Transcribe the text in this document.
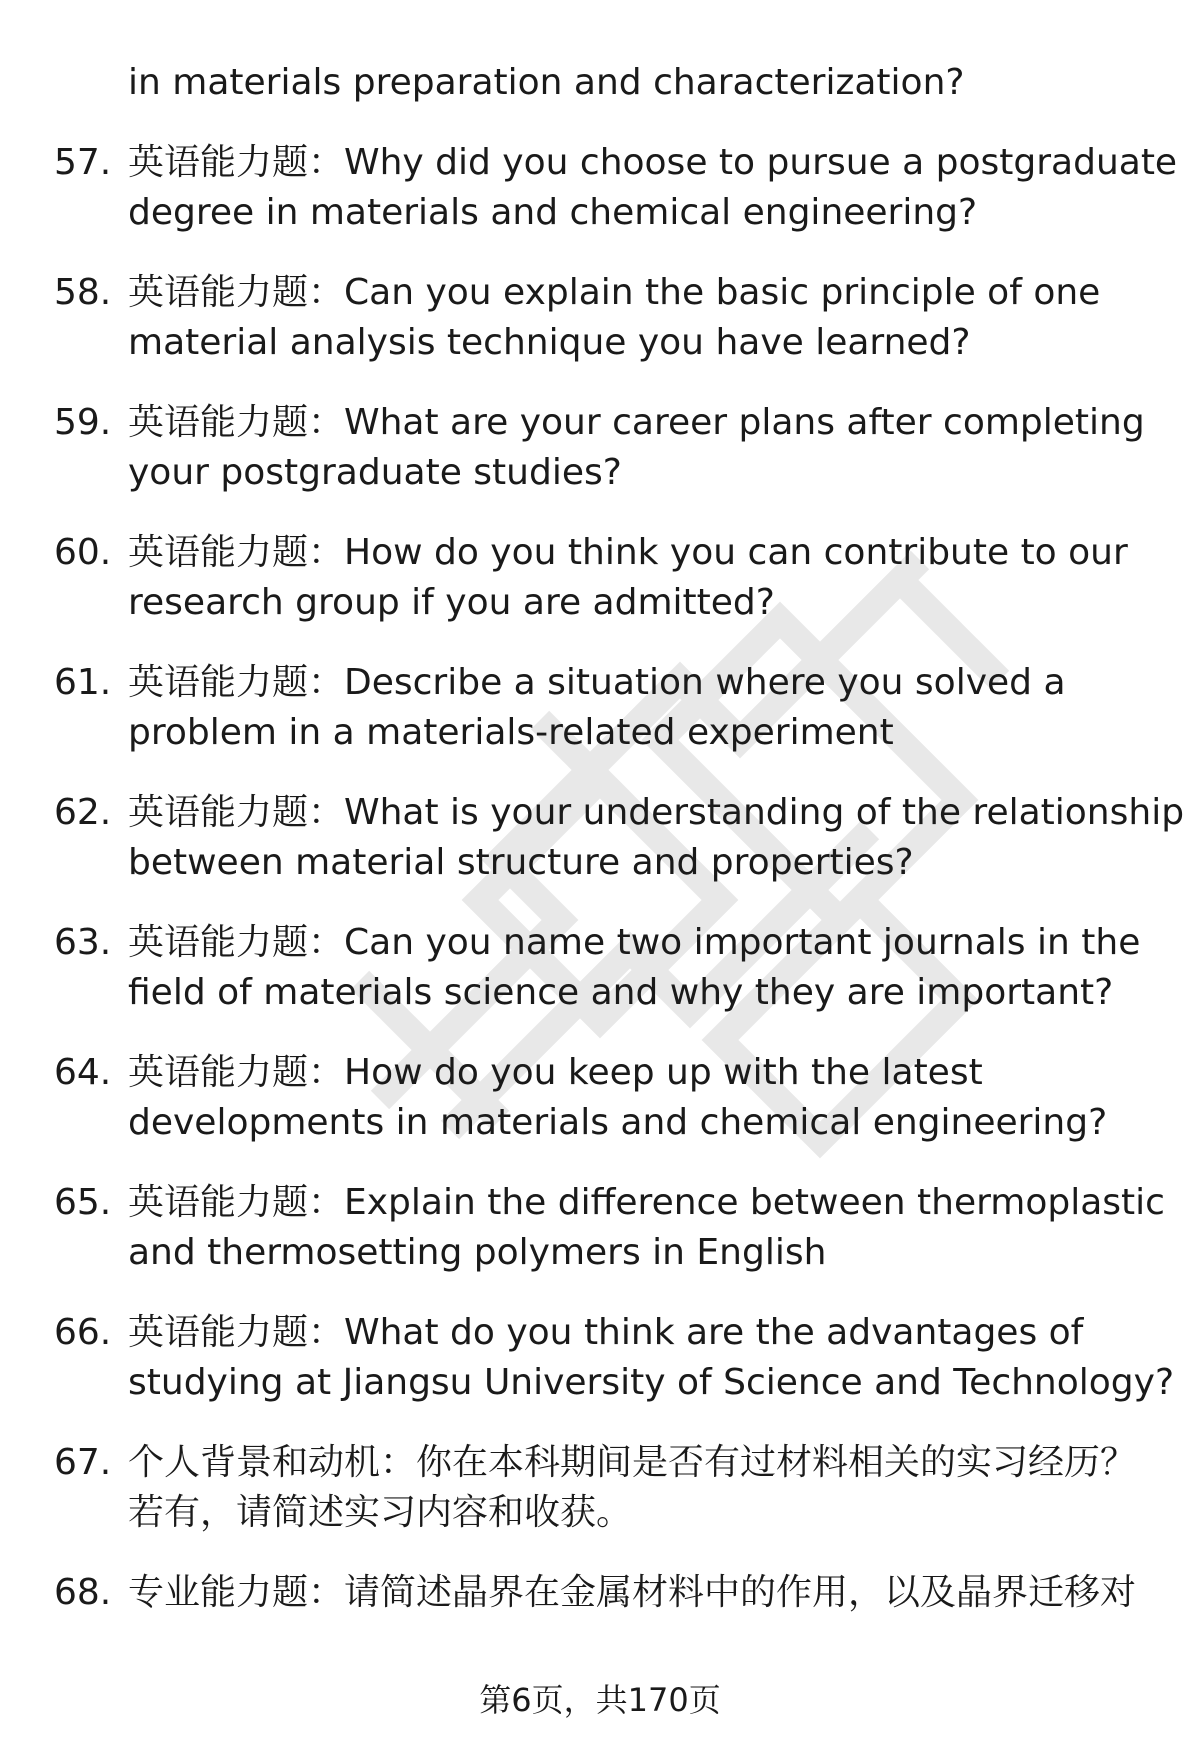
in materials preparation and characterization?
57. 英语能力题：Why did you choose to pursue a postgraduate
degree in materials and chemical engineering?
58. 英语能力题：Can you explain the basic principle of one
material analysis technique you have learned?
59. 英语能力题：What are your career plans after completing
your postgraduate studies?
60. 英语能力题：How do you think you can contribute to our
research group if you are admitted?
61. 英语能力题：Describe a situation where you solved a
problem in a materials-related experiment
62. 英语能力题：What is your understanding of the relationship
between material structure and properties?
63. 英语能力题：Can you name two important journals in the
field of materials science and why they are important?
64. 英语能力题：How do you keep up with the latest
developments in materials and chemical engineering?
65. 英语能力题：Explain the difference between thermoplastic
and thermosetting polymers in English
66. 英语能力题：What do you think are the advantages of
studying at Jiangsu University of Science and Technology?
67. 个人背景和动机：你在本科期间是否有过材料相关的实习经历？
若有，请简述实习内容和收获。
68. 专业能力题：请简述晶界在金属材料中的作用，以及晶界迁移对
第6页，共170页
